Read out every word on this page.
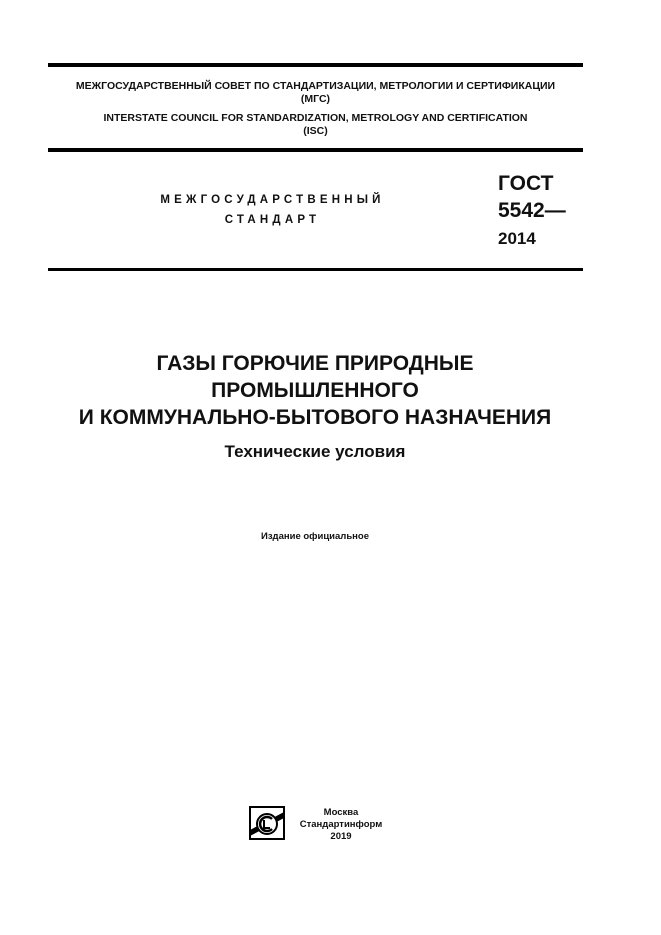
МЕЖГОСУДАРСТВЕННЫЙ СОВЕТ ПО СТАНДАРТИЗАЦИИ, МЕТРОЛОГИИ И СЕРТИФИКАЦИИ
(МГС)
INTERSTATE COUNCIL FOR STANDARDIZATION, METROLOGY AND CERTIFICATION
(ISC)
МЕЖГОСУДАРСТВЕННЫЙ
СТАНДАРТ
ГОСТ
5542—
2014
ГАЗЫ ГОРЮЧИЕ ПРИРОДНЫЕ
ПРОМЫШЛЕННОГО
И КОММУНАЛЬНО-БЫТОВОГО НАЗНАЧЕНИЯ
Технические условия
Издание официальное
Москва
Стандартинформ
2019
